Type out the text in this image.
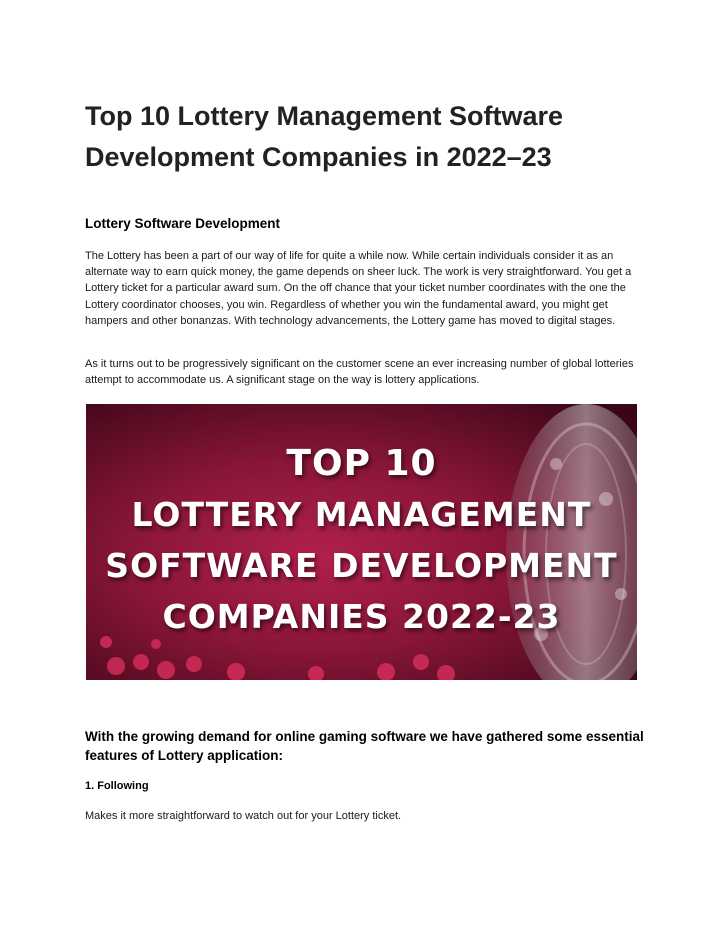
Top 10 Lottery Management Software Development Companies in 2022–23
Lottery Software Development

The Lottery has been a part of our way of life for quite a while now. While certain individuals consider it as an alternate way to earn quick money, the game depends on sheer luck. The work is very straightforward. You get a Lottery ticket for a particular award sum. On the off chance that your ticket number coordinates with the one the Lottery coordinator chooses, you win. Regardless of whether you win the fundamental award, you might get hampers and other bonanzas. With technology advancements, the Lottery game has moved to digital stages.

As it turns out to be progressively significant on the customer scene an ever increasing number of global lotteries attempt to accommodate us. A significant stage on the way is lottery applications.

TOP 10
LOTTERY MANAGEMENT
SOFTWARE DEVELOPMENT
COMPANIES 2022-23
With the growing demand for online gaming software we have gathered some essential features of Lottery application:
1. Following

Makes it more straightforward to watch out for your Lottery ticket.
